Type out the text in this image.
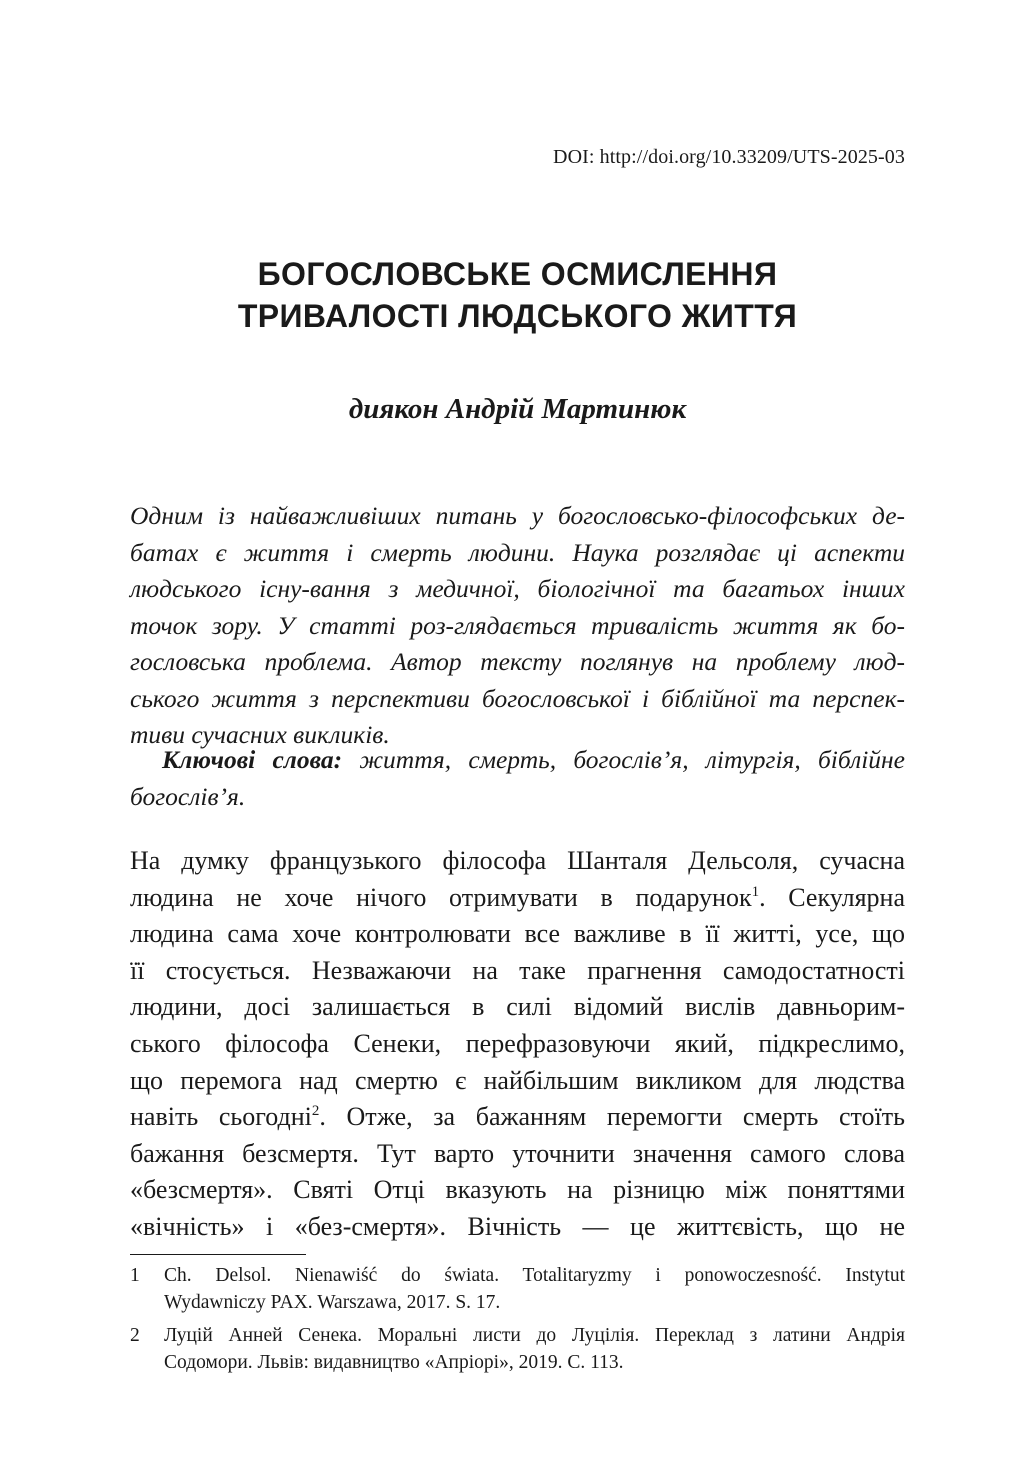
DOI: http://doi.org/10.33209/UTS-2025-03
БОГОСЛОВСЬКЕ ОСМИСЛЕННЯ
ТРИВАЛОСТІ ЛЮДСЬКОГО ЖИТТЯ
диякон Андрій Мартинюк
Одним із найважливіших питань у богословсько-філософських де-
батах є життя і смерть людини. Наука розглядає ці аспекти
людського існу-вання з медичної, біологічної та багатьох інших
точок зору. У статті роз-глядається тривалість життя як бо-
гословська проблема. Автор тексту поглянув на проблему люд-
ського життя з перспективи богословської і біблійної та перспек-
тиви сучасних викликів.
Ключові слова: життя, смерть, богослів’я, літургія, біблійне
богослів’я.
На думку французького філософа Шанталя Дельсоля, сучасна
людина не хоче нічого отримувати в подарунок$^1$. Секулярна
людина сама хоче контролювати все важливе в її житті, усе, що
її стосується. Незважаючи на таке прагнення самодостатності
людини, досі залишається в силі відомий вислів давньорим-
ського філософа Сенеки, перефразовуючи який, підкреслимо,
що перемога над смертю є найбільшим викликом для людства
навіть сьогодні$^2$. Отже, за бажанням перемогти смерть стоїть
бажання безсмертя. Тут варто уточнити значення самого слова
«безсмертя». Святі Отці вказують на різницю між поняттями
«вічність» і «без-смертя». Вічність — це життєвість, що не
1 Ch. Delsol. Nienawiść do świata. Totalitaryzmy i ponowoczesność. Instytut
Wydawniczy PAX. Warszawa, 2017. S. 17.
2 Луцій Анней Сенека. Моральні листи до Луцілія. Переклад з латини Андрія
Содомори. Львів: видавництво «Апріорі», 2019. С. 113.
